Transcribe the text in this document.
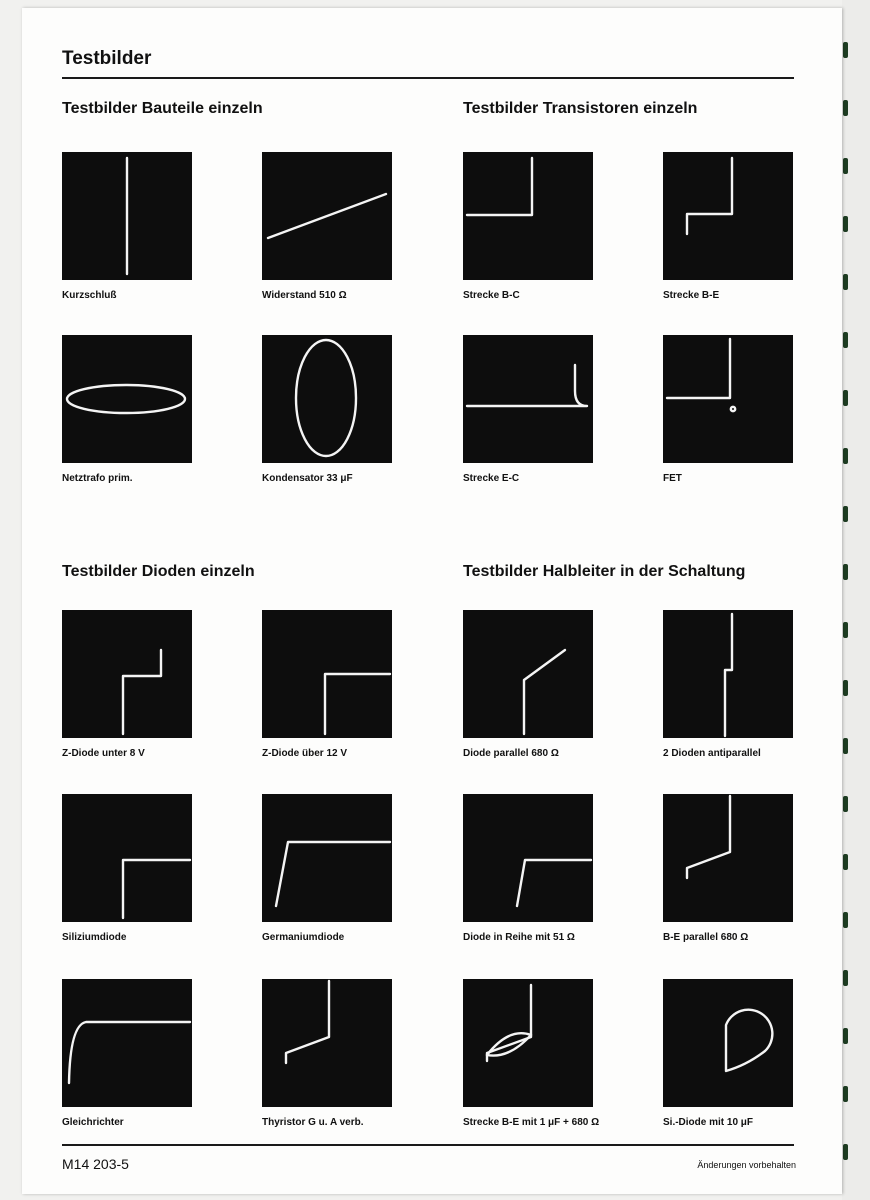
Testbilder
Testbilder Bauteile einzeln	Testbilder Transistoren einzeln
Testbilder Dioden einzeln	Testbilder Halbleiter in der Schaltung
Kurzschluß	Widerstand 510 Ω	Strecke B-C	Strecke B-E
Netztrafo prim.	Kondensator 33 μF	Strecke E-C	FET
Z-Diode unter 8 V	Z-Diode über 12 V	Diode parallel 680 Ω	2 Dioden antiparallel
Siliziumdiode	Germaniumdiode	Diode in Reihe mit 51 Ω	B-E parallel 680 Ω
Gleichrichter	Thyristor G u. A verb.	Strecke B-E mit 1 μF + 680 Ω	Si.-Diode mit 10 μF
M14 203-5	Änderungen vorbehalten
